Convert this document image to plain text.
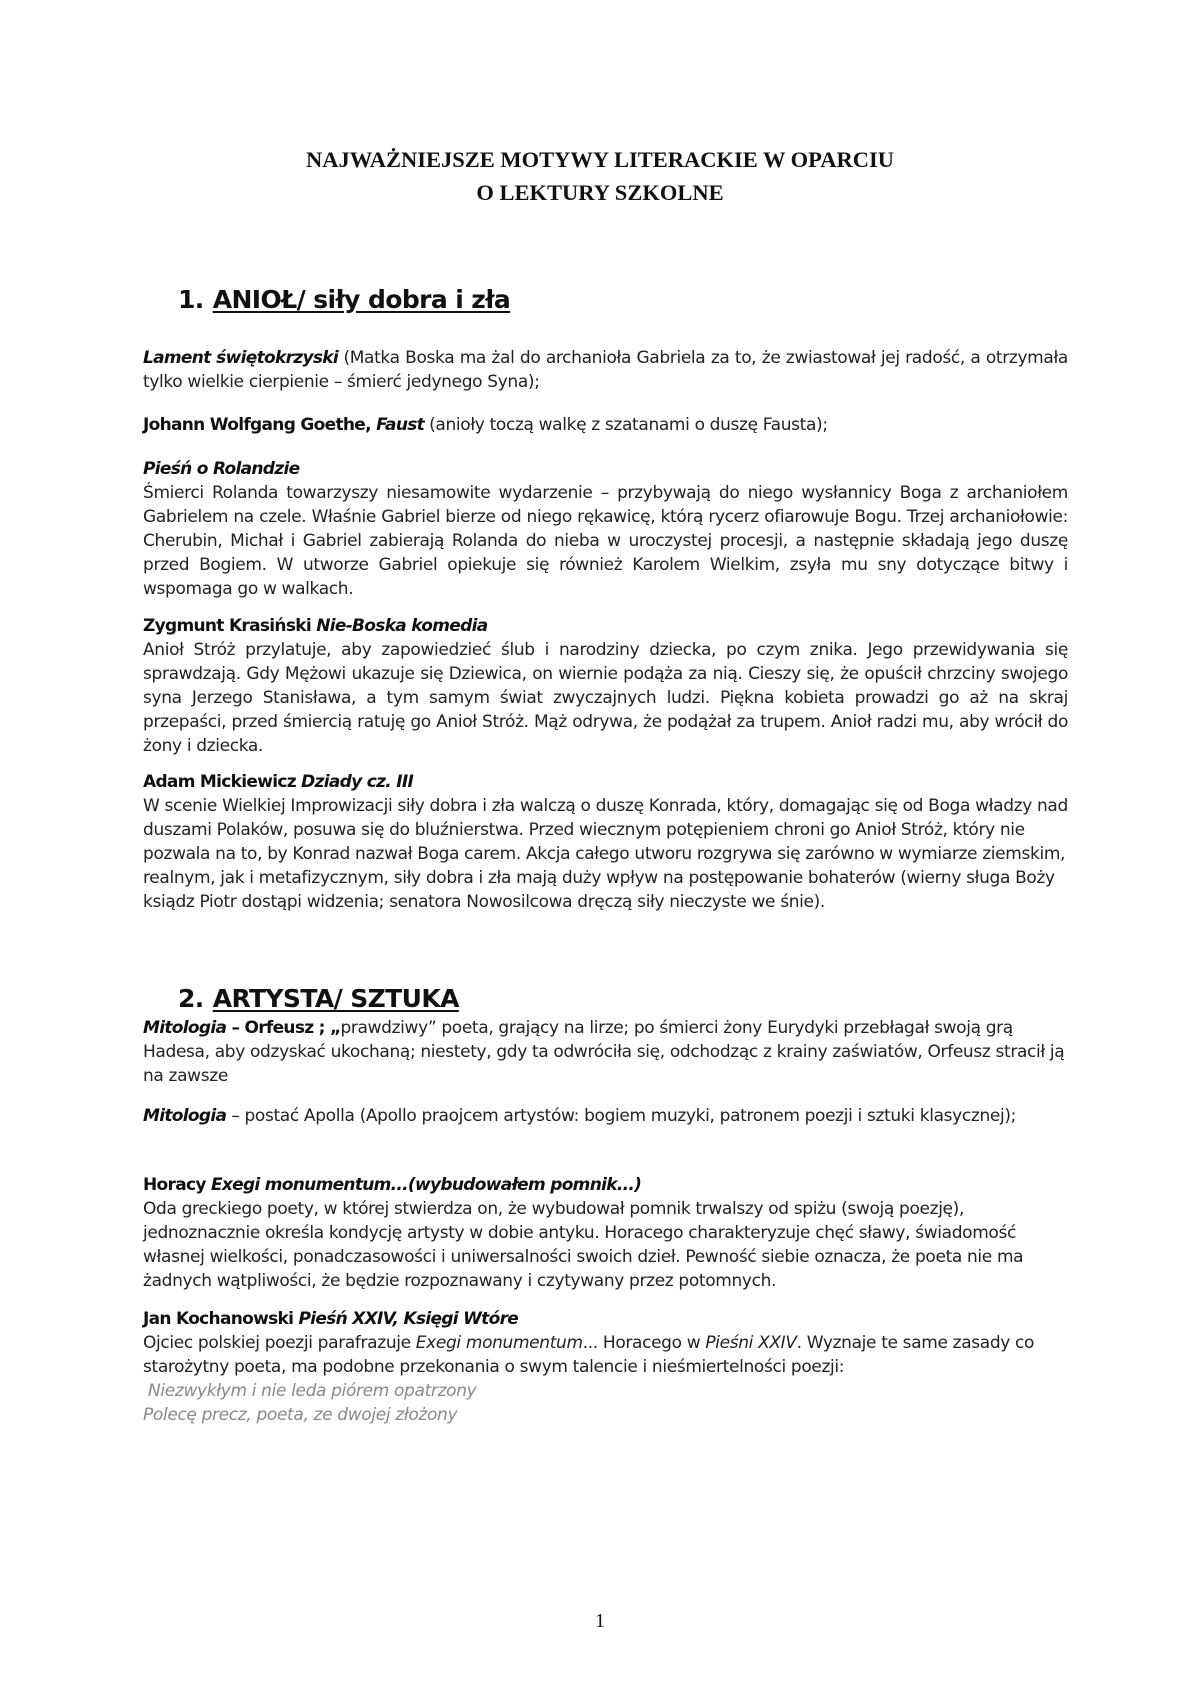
NAJWAŻNIEJSZE MOTYWY LITERACKIE W OPARCIU
O LEKTURY SZKOLNE
1. ANIOŁ/ siły dobra i zła
Lament świętokrzyski (Matka Boska ma żal do archanioła Gabriela za to, że zwiastował jej radość, a otrzymała tylko wielkie cierpienie – śmierć jedynego Syna);
Johann Wolfgang Goethe, Faust (anioły toczą walkę z szatanami o duszę Fausta);
Pieśń o Rolandzie
Śmierci Rolanda towarzyszy niesamowite wydarzenie – przybywają do niego wysłannicy Boga z archaniołem Gabrielem na czele. Właśnie Gabriel bierze od niego rękawicę, którą rycerz ofiarowuje Bogu. Trzej archaniołowie: Cherubin, Michał i Gabriel zabierają Rolanda do nieba w uroczystej procesji, a następnie składają jego duszę przed Bogiem. W utworze Gabriel opiekuje się również Karolem Wielkim, zsyła mu sny dotyczące bitwy i wspomaga go w walkach.
Zygmunt Krasiński Nie-Boska komedia
Anioł Stróż przylatuje, aby zapowiedzieć ślub i narodziny dziecka, po czym znika. Jego przewidywania się sprawdzają. Gdy Mężowi ukazuje się Dziewica, on wiernie podąża za nią. Cieszy się, że opuścił chrzciny swojego syna Jerzego Stanisława, a tym samym świat zwyczajnych ludzi. Piękna kobieta prowadzi go aż na skraj przepaści, przed śmiercią ratuję go Anioł Stróż. Mąż odrywa, że podążał za trupem. Anioł radzi mu, aby wrócił do żony i dziecka.
Adam Mickiewicz Dziady cz. III
W scenie Wielkiej Improwizacji siły dobra i zła walczą o duszę Konrada, który, domagając się od Boga władzy nad duszami Polaków, posuwa się do bluźnierstwa. Przed wiecznym potępieniem chroni go Anioł Stróż, który nie pozwala na to, by Konrad nazwał Boga carem. Akcja całego utworu rozgrywa się zarówno w wymiarze ziemskim, realnym, jak i metafizycznym, siły dobra i zła mają duży wpływ na postępowanie bohaterów (wierny sługa Boży ksiądz Piotr dostąpi widzenia; senatora Nowosilcowa dręczą siły nieczyste we śnie).
2. ARTYSTA/ SZTUKA
Mitologia – Orfeusz ; „prawdziwy” poeta, grający na lirze; po śmierci żony Eurydyki przebłagał swoją grą Hadesa, aby odzyskać ukochaną; niestety, gdy ta odwróciła się, odchodząc z krainy zaświatów, Orfeusz stracił ją na zawsze
Mitologia – postać Apolla (Apollo praojcem artystów: bogiem muzyki, patronem poezji i sztuki klasycznej);
Horacy Exegi monumentum...(wybudowałem pomnik...)
Oda greckiego poety, w której stwierdza on, że wybudował pomnik trwalszy od spiżu (swoją poezję), jednoznacznie określa kondycję artysty w dobie antyku. Horacego charakteryzuje chęć sławy, świadomość własnej wielkości, ponadczasowości i uniwersalności swoich dzieł. Pewność siebie oznacza, że poeta nie ma żadnych wątpliwości, że będzie rozpoznawany i czytywany przez potomnych.
Jan Kochanowski Pieśń XXIV, Księgi Wtóre
Ojciec polskiej poezji parafrazuje Exegi monumentum... Horacego w Pieśni XXIV. Wyznaje te same zasady co starożytny poeta, ma podobne przekonania o swym talencie i nieśmiertelności poezji:
Niezwykłym i nie leda piórem opatrzony
Polecę precz, poeta, ze dwojej złożony
1
